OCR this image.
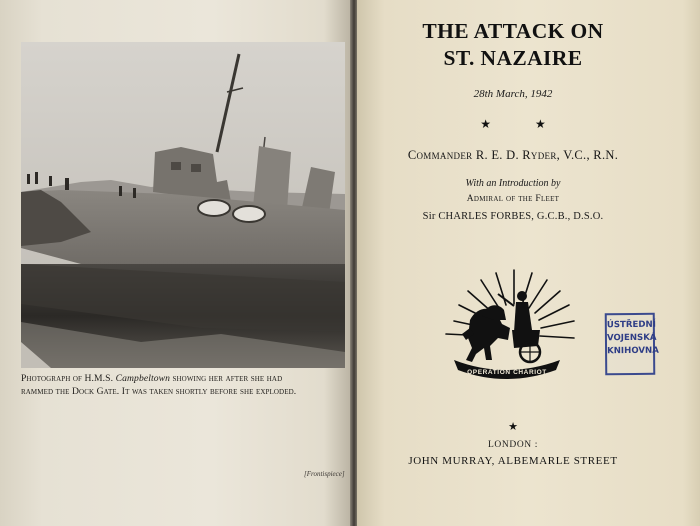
Photograph of H.M.S. Campbeltown showing her after she had
rammed the Dock Gate. It was taken shortly before she exploded.
[Frontispiece]
THE ATTACK ON
ST. NAZAIRE
28th March, 1942
★★
Commander R. E. D. Ryder, V.C., R.N.
With an Introduction by
Admiral of the Fleet
Sir CHARLES FORBES, G.C.B., D.S.O.
OPERATION CHARIOT
ÚSTŘEDNÍ
VOJENSKÁ
KNIHOVNA
★
LONDON :
JOHN MURRAY, ALBEMARLE STREET
